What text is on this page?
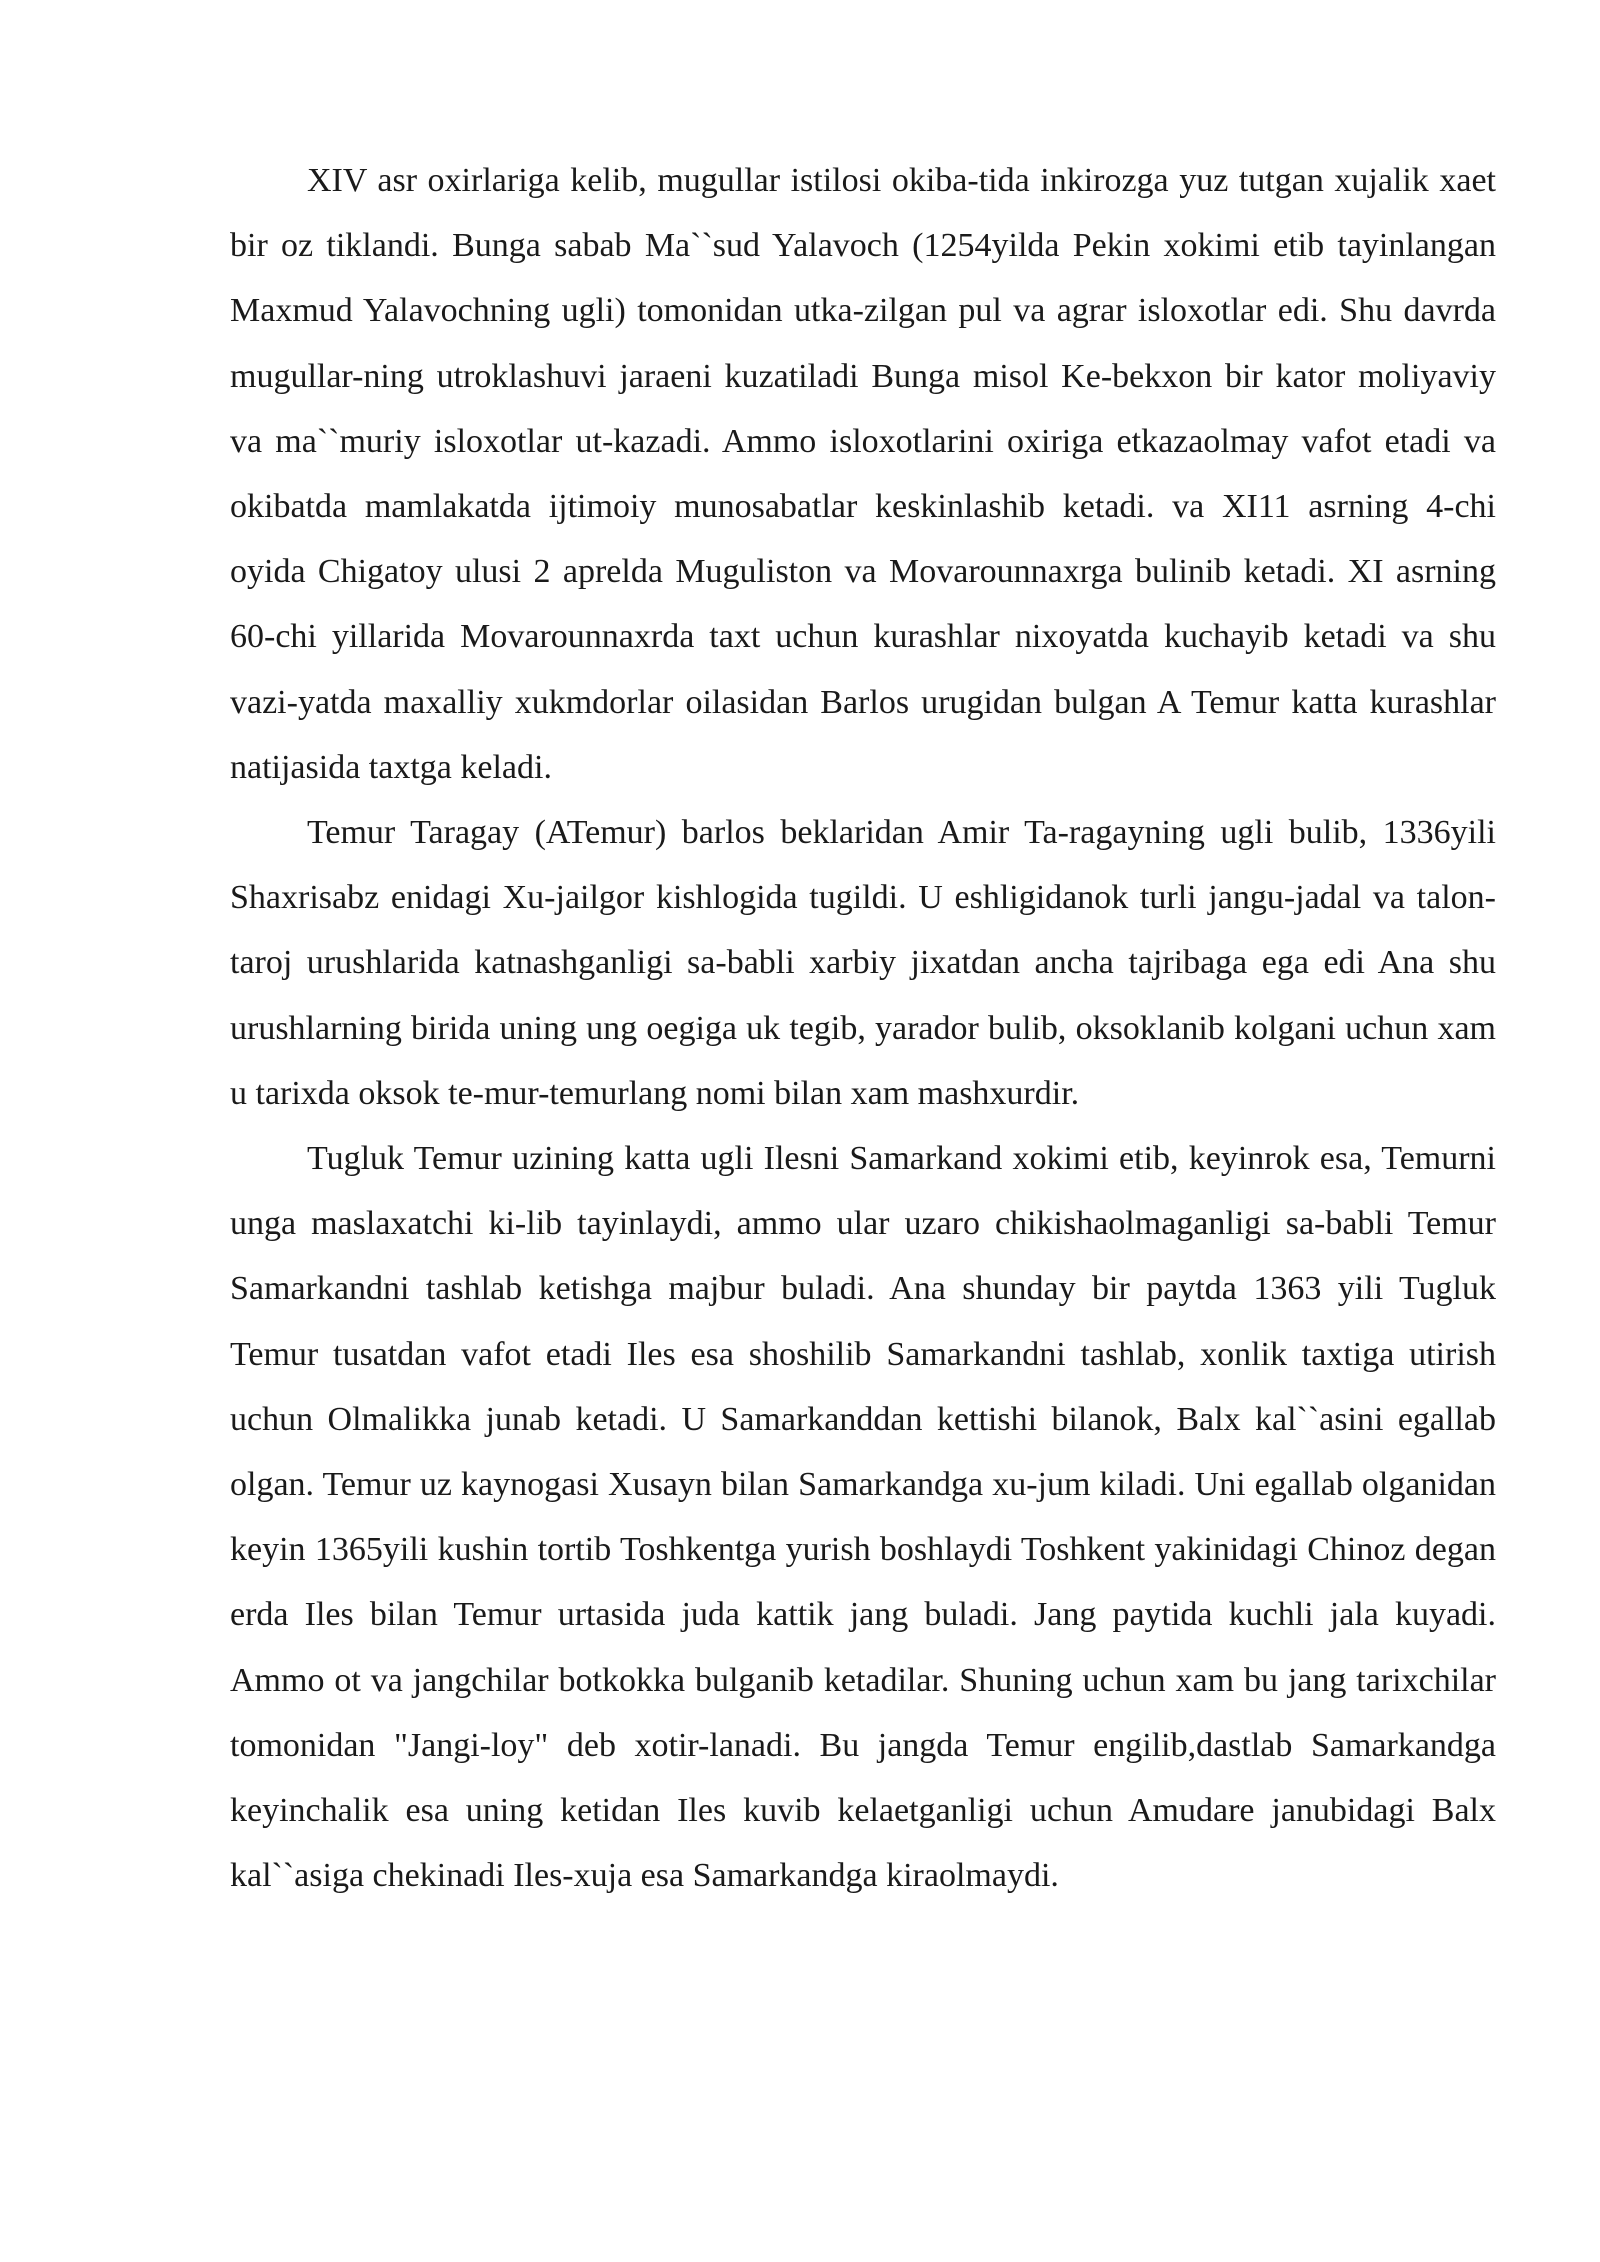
XIV asr oxirlariga kelib, mugullar istilosi okiba-tida inkirozga yuz tutgan xujalik xaet bir oz tiklandi. Bunga sabab Ma``sud Yalavoch (1254yilda Pekin xokimi etib tayinlangan Maxmud Yalavochning ugli) tomonidan utka-zilgan pul va agrar isloxotlar edi. Shu davrda mugullar-ning utroklashuvi jaraeni kuzatiladi Bunga misol Ke-bekxon bir kator moliyaviy va ma``muriy isloxotlar ut-kazadi. Ammo isloxotlarini oxiriga etkazaolmay vafot etadi va okibatda mamlakatda ijtimoiy munosabatlar keskinlashib ketadi. va XI11 asrning 4-chi oyida Chigatoy ulusi 2 aprelda Muguliston va Movarounnaxrga bulinib ketadi. XI asrning 60-chi yillarida Movarounnaxrda taxt uchun kurashlar nixoyatda kuchayib ketadi va shu vazi-yatda maxalliy xukmdorlar oilasidan Barlos urugidan bulgan A Temur katta kurashlar natijasida taxtga keladi.

Temur Taragay (ATemur) barlos beklaridan Amir Ta-ragayning ugli bulib, 1336yili Shaxrisabz enidagi Xu-jailgor kishlogida tugildi. U eshligidanok turli jangu-jadal va talon-taroj urushlarida katnashganligi sa-babli xarbiy jixatdan ancha tajribaga ega edi Ana shu urushlarning birida uning ung oegiga uk tegib, yarador bulib, oksoklanib kolgani uchun xam u tarixda oksok te-mur-temurlang nomi bilan xam mashxurdir.

Tugluk Temur uzining katta ugli Ilesni Samarkand xokimi etib, keyinrok esa, Temurni unga maslaxatchi ki-lib tayinlaydi, ammo ular uzaro chikishaolmaganligi sa-babli Temur Samarkandni tashlab ketishga majbur buladi. Ana shunday bir paytda 1363 yili Tugluk Temur tusatdan vafot etadi Iles esa shoshilib Samarkandni tashlab, xonlik taxtiga utirish uchun Olmalikka junab ketadi. U Samarkanddan kettishi bilanok, Balx kal``asini egallab olgan. Temur uz kaynogasi Xusayn bilan Samarkandga xu-jum kiladi. Uni egallab olganidan keyin 1365yili kushin tortib Toshkentga yurish boshlaydi Toshkent yakinidagi Chinoz degan erda Iles bilan Temur urtasida juda kattik jang buladi. Jang paytida kuchli jala kuyadi. Ammo ot va jangchilar botkokka bulganib ketadilar. Shuning uchun xam bu jang tarixchilar tomonidan "Jangi-loy" deb xotir-lanadi. Bu jangda Temur engilib,dastlab Samarkandga keyinchalik esa uning ketidan Iles kuvib kelaetganligi uchun Amudare janubidagi Balx kal``asiga chekinadi Iles-xuja esa Samarkandga kiraolmaydi.
